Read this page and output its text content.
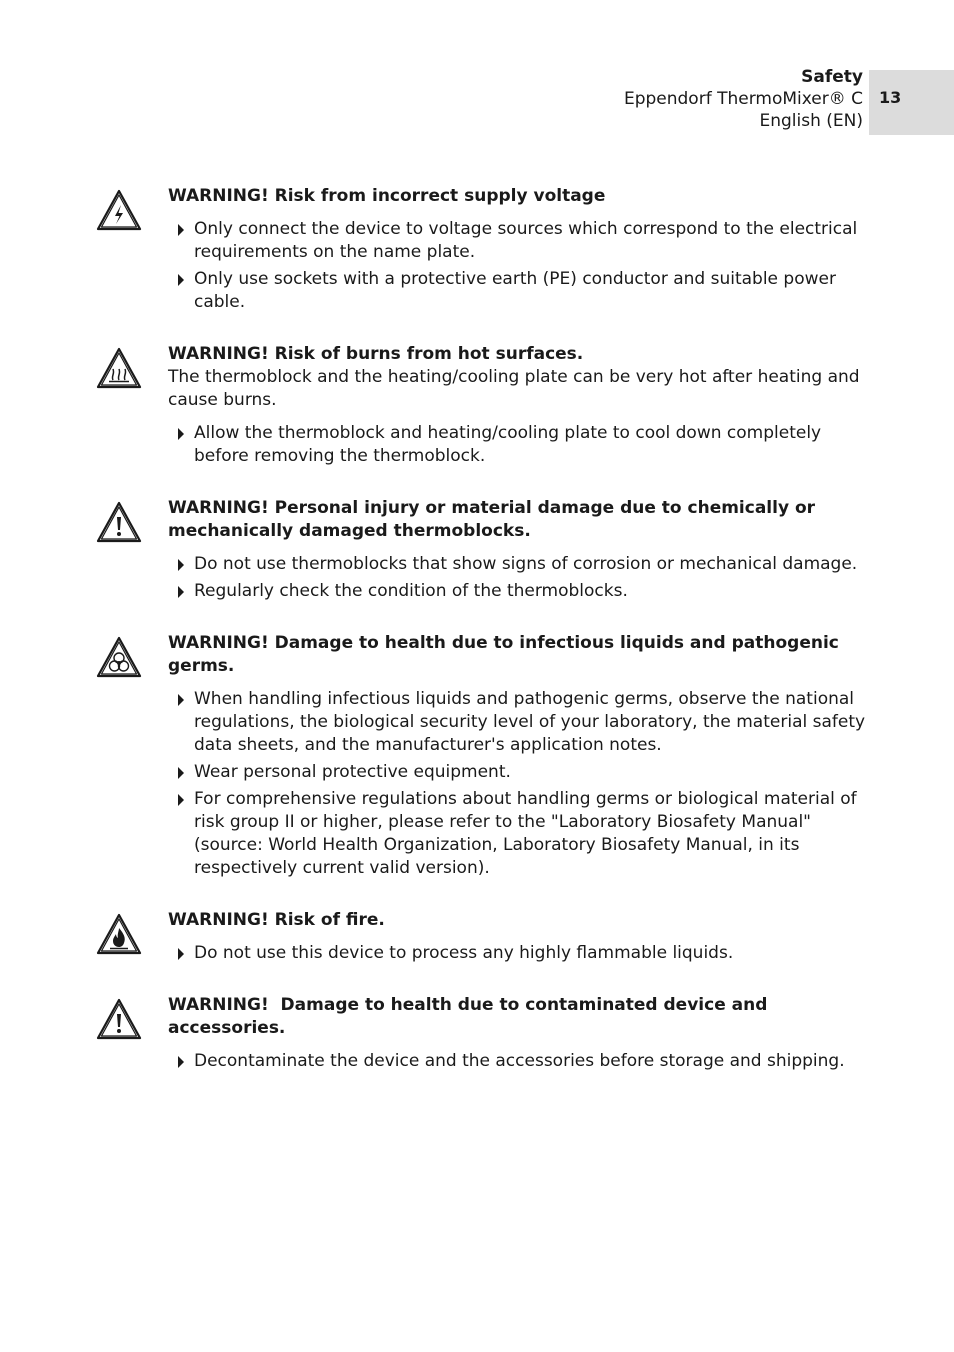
Safety
Eppendorf ThermoMixer® C
English (EN)
13
WARNING! Risk from incorrect supply voltage
Only connect the device to voltage sources which correspond to the electrical requirements on the name plate.
Only use sockets with a protective earth (PE) conductor and suitable power cable.
WARNING! Risk of burns from hot surfaces.

The thermoblock and the heating/cooling plate can be very hot after heating and cause burns.

Allow the thermoblock and heating/cooling plate to cool down completely before removing the thermoblock.
WARNING! Personal injury or material damage due to chemically or mechanically damaged thermoblocks.
Do not use thermoblocks that show signs of corrosion or mechanical damage.
Regularly check the condition of the thermoblocks.
WARNING! Damage to health due to infectious liquids and pathogenic germs.
When handling infectious liquids and pathogenic germs, observe the national regulations, the biological security level of your laboratory, the material safety data sheets, and the manufacturer's application notes.
Wear personal protective equipment.
For comprehensive regulations about handling germs or biological material of risk group II or higher, please refer to the "Laboratory Biosafety Manual" (source: World Health Organization, Laboratory Biosafety Manual, in its respectively current valid version).
WARNING! Risk of fire.
Do not use this device to process any highly flammable liquids.
WARNING!  Damage to health due to contaminated device and accessories.
Decontaminate the device and the accessories before storage and shipping.
